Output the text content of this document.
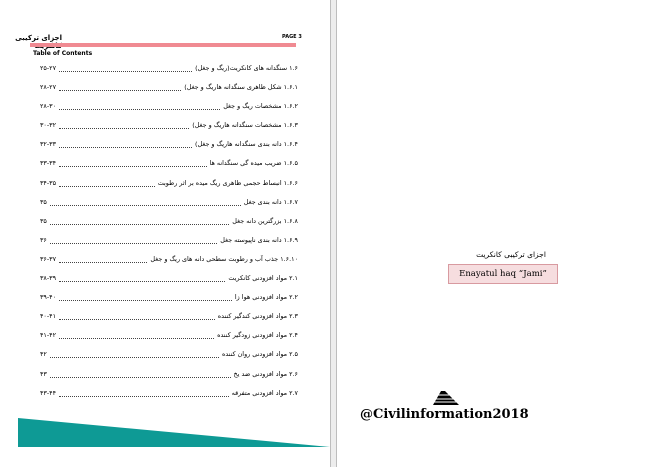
اجزای ترکیبی	PAGE 3
Table of Contents
۱.۶ سنگدانه های کانکریت(ریگ و جغل)
۲۵-۲۷
۱.۶.۱ شکل ظاهری سنگدانه هاریگ و جغل)
۲۸-۲۷
۱.۶.۲ مشخصات ریگ و جغل
۲۸-۳۰
۱.۶.۳ مشخصات سنگدانه هاریگ و جغل)
۳۰-۳۲
۱.۶.۴ دانه بندی سنگدانه هاریگ و جغل)
۳۲-۳۳
۱.۶.۵ ضریب میده گی سنگدانه ها
۳۳-۳۴
۱.۶.۶ انبساط حجمی ظاهری ریگ میده بر اثر رطوبت
۳۴-۳۵
۱.۶.۷ دانه بندی جغل
۳۵
۱.۶.۸ بزرگترین دانه جغل
۳۵
۱.۶.۹ دانه بندی ناپیوسته جغل
۳۶
۱.۶.۱۰ جذب آب و رطوبت سطحی دانه های ریگ و جغل
۳۶-۳۷
۲.۱ مواد افزودنی کانکریت
۳۸-۳۹
۲.۲ مواد افزودنی هوا زا
۳۹-۴۰
۲.۳ مواد افزودنی کندگیر کننده
۴۰-۴۱
۲.۴ مواد افزودنی زودگیر کننده
۴۱-۴۲
۲.۵ مواد افزودنی روان کننده
۴۲
۲.۶ مواد افزودنی ضد یخ
۴۳
۲.۷ مواد افزودنی متفرقه
۴۳-۴۴
اجزای ترکیبی کانکریت
Enayatul haq “Jami”
@Civilinformation2018
